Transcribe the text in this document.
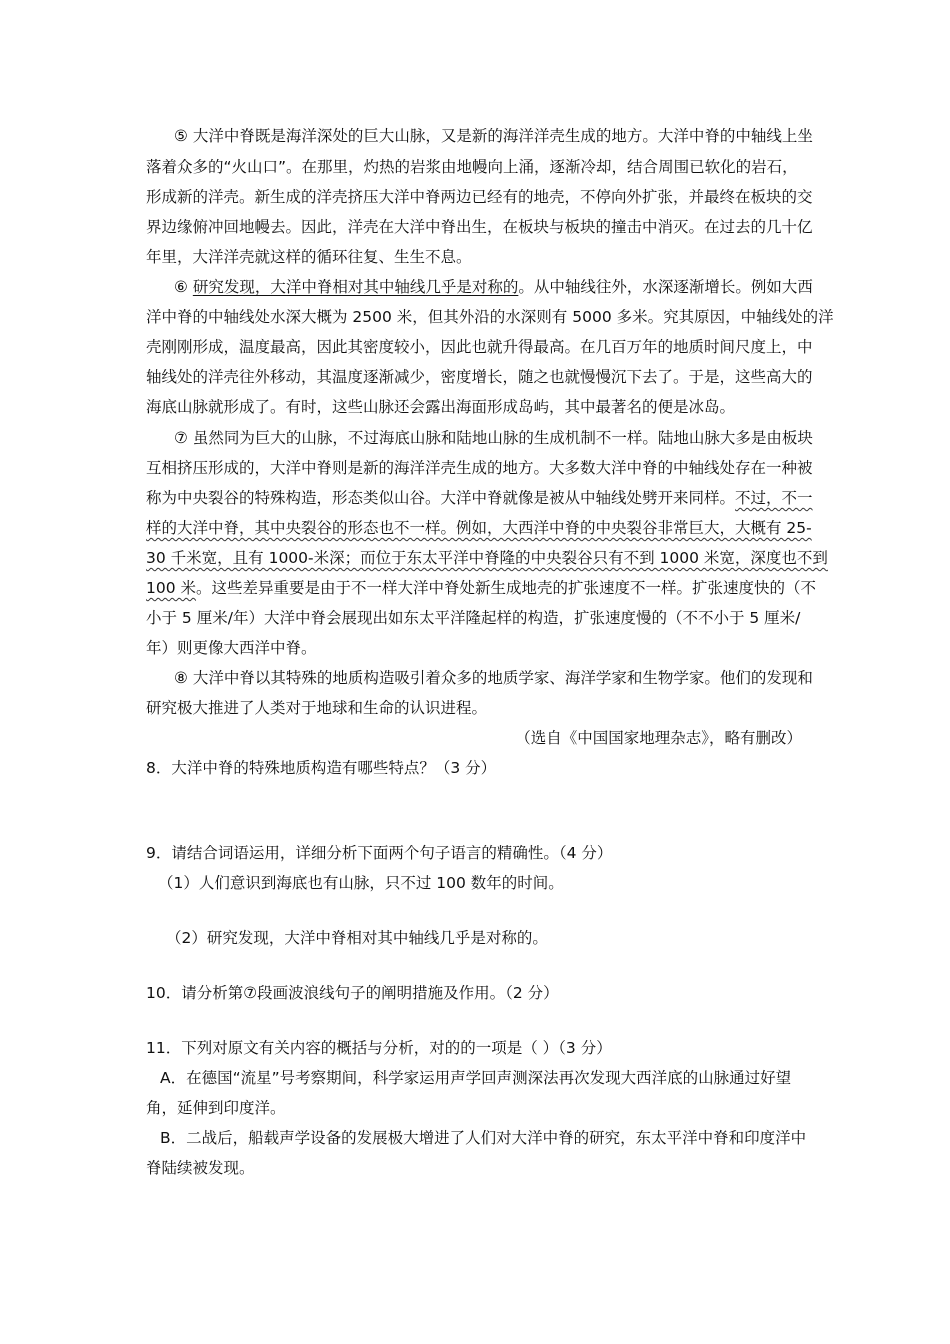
⑤ 大洋中脊既是海洋深处的巨大山脉，又是新的海洋洋壳生成的地方。大洋中脊的中轴线上坐
落着众多的“火山口”。在那里，灼热的岩浆由地幔向上涌，逐渐冷却，结合周围已软化的岩石，
形成新的洋壳。新生成的洋壳挤压大洋中脊两边已经有的地壳，不停向外扩张，并最终在板块的交
界边缘俯冲回地幔去。因此，洋壳在大洋中脊出生，在板块与板块的撞击中消灭。在过去的几十亿
年里，大洋洋壳就这样的循环往复、生生不息。
⑥ 研究发现，大洋中脊相对其中轴线几乎是对称的。从中轴线往外，水深逐渐增长。例如大西
洋中脊的中轴线处水深大概为 2500 米，但其外沿的水深则有 5000 多米。究其原因，中轴线处的洋
壳刚刚形成，温度最高，因此其密度较小，因此也就升得最高。在几百万年的地质时间尺度上，中
轴线处的洋壳往外移动，其温度逐渐减少，密度增长，随之也就慢慢沉下去了。于是，这些高大的
海底山脉就形成了。有时，这些山脉还会露出海面形成岛屿，其中最著名的便是冰岛。
⑦ 虽然同为巨大的山脉，不过海底山脉和陆地山脉的生成机制不一样。陆地山脉大多是由板块
互相挤压形成的，大洋中脊则是新的海洋洋壳生成的地方。大多数大洋中脊的中轴线处存在一种被
称为中央裂谷的特殊构造，形态类似山谷。大洋中脊就像是被从中轴线处劈开来同样。不过，不一
样的大洋中脊，其中央裂谷的形态也不一样。例如，大西洋中脊的中央裂谷非常巨大，大概有 25-
30 千米宽，且有 1000-米深；而位于东太平洋中脊隆的中央裂谷只有不到 1000 米宽，深度也不到
100 米。这些差异重要是由于不一样大洋中脊处新生成地壳的扩张速度不一样。扩张速度快的（不
小于 5 厘米/年）大洋中脊会展现出如东太平洋隆起样的构造，扩张速度慢的（不不小于 5 厘米/
年）则更像大西洋中脊。
⑧ 大洋中脊以其特殊的地质构造吸引着众多的地质学家、海洋学家和生物学家。他们的发现和
研究极大推进了人类对于地球和生命的认识进程。
（选自《中国国家地理杂志》，略有删改）
8．大洋中脊的特殊地质构造有哪些特点？（3 分）
9．请结合词语运用，详细分析下面两个句子语言的精确性。（4 分）
（1）人们意识到海底也有山脉，只不过 100 数年的时间。
（2）研究发现，大洋中脊相对其中轴线几乎是对称的。
10．请分析第⑦段画波浪线句子的阐明措施及作用。（2 分）
11．下列对原文有关内容的概括与分析，对的的一项是（ ）（3 分）
A．在德国“流星”号考察期间，科学家运用声学回声测深法再次发现大西洋底的山脉通过好望
角，延伸到印度洋。
B．二战后，船载声学设备的发展极大增进了人们对大洋中脊的研究，东太平洋中脊和印度洋中
脊陆续被发现。
